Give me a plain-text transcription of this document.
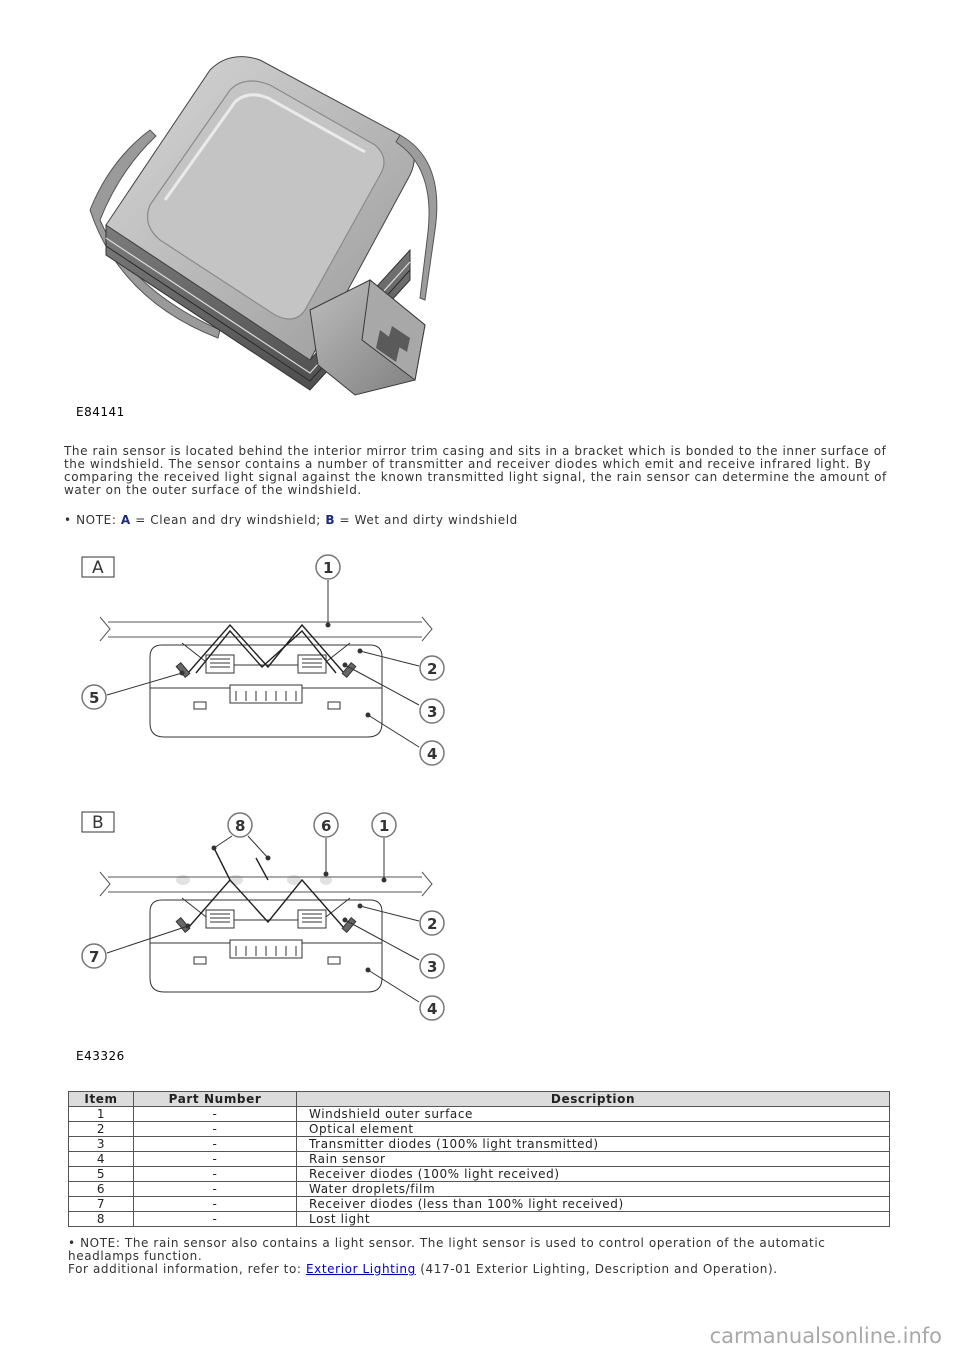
E84141
The rain sensor is located behind the interior mirror trim casing and sits in a bracket which is bonded to the inner surface of the windshield. The sensor contains a number of transmitter and receiver diodes which emit and receive infrared light. By comparing the received light signal against the known transmitted light signal, the rain sensor can determine the amount of water on the outer surface of the windshield.
• NOTE: A = Clean and dry windshield; B = Wet and dirty windshield
A	1
2
3
4
5
B	8	6	1
2
3
4
7
E43326
Item	Part Number	Description
1	-	Windshield outer surface
2	-	Optical element
3	-	Transmitter diodes (100% light transmitted)
4	-	Rain sensor
5	-	Receiver diodes (100% light received)
6	-	Water droplets/film
7	-	Receiver diodes (less than 100% light received)
8	-	Lost light
• NOTE: The rain sensor also contains a light sensor. The light sensor is used to control operation of the automatic headlamps function.
For additional information, refer to: Exterior Lighting (417-01 Exterior Lighting, Description and Operation).
carmanualsonline.info
